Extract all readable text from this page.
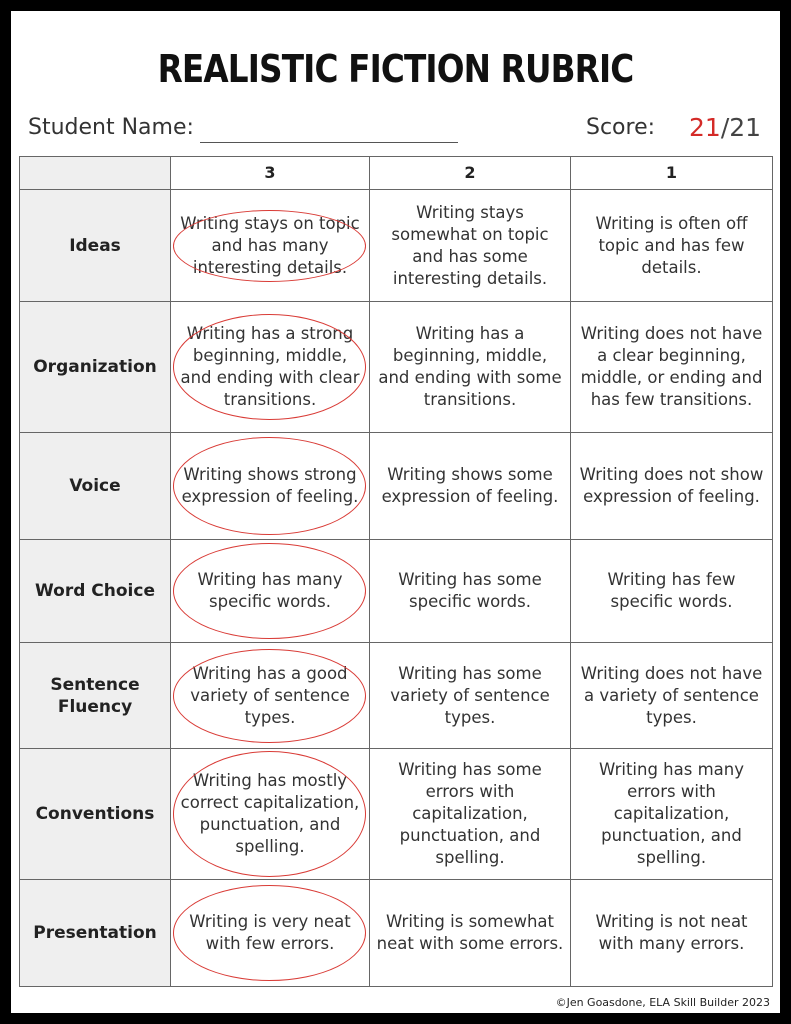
REALISTIC FICTION RUBRIC
Student Name:	Score: 21/21
	3	2	1
Ideas	Writing stays on topic and has many interesting details.	Writing stays somewhat on topic and has some interesting details.	Writing is often off topic and has few details.
Organization	Writing has a strong beginning, middle, and ending with clear transitions.	Writing has a beginning, middle, and ending with some transitions.	Writing does not have a clear beginning, middle, or ending and has few transitions.
Voice	Writing shows strong expression of feeling.	Writing shows some expression of feeling.	Writing does not show expression of feeling.
Word Choice	Writing has many specific words.	Writing has some specific words.	Writing has few specific words.
Sentence Fluency	Writing has a good variety of sentence types.	Writing has some variety of sentence types.	Writing does not have a variety of sentence types.
Conventions	Writing has mostly correct capitalization, punctuation, and spelling.	Writing has some errors with capitalization, punctuation, and spelling.	Writing has many errors with capitalization, punctuation, and spelling.
Presentation	Writing is very neat with few errors.	Writing is somewhat neat with some errors.	Writing is not neat with many errors.
©Jen Goasdone, ELA Skill Builder 2023
